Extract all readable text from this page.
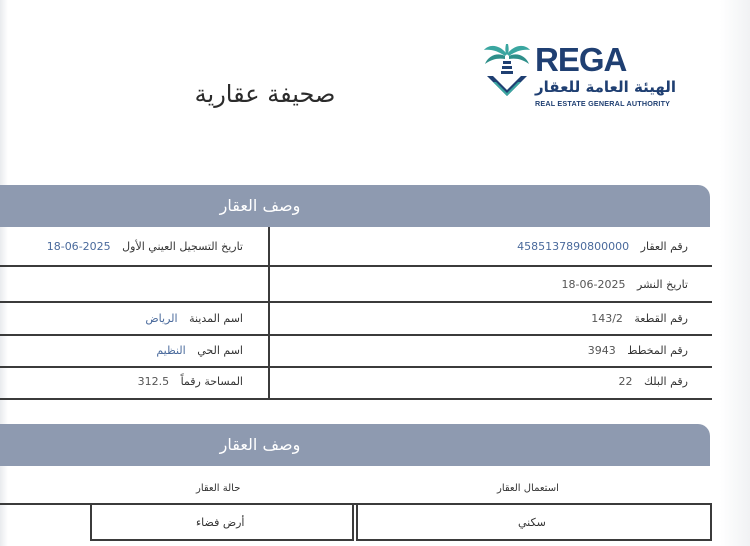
REGA
الهيئة العامة للعقار
REAL ESTATE GENERAL AUTHORITY
صحيفة عقارية
وصف العقار
رقم العقار 4585137890800000
تاريخ التسجيل العيني الأول 2025-06-18
تاريخ النشر 2025-06-18
رقم القطعة 143/2
اسم المدينة الرياض
رقم المخطط 3943
اسم الحي النظيم
رقم البلك 22
المساحة رقماً 312.5
وصف العقار
استعمال العقار
حالة العقار
سكني
أرض فضاء
